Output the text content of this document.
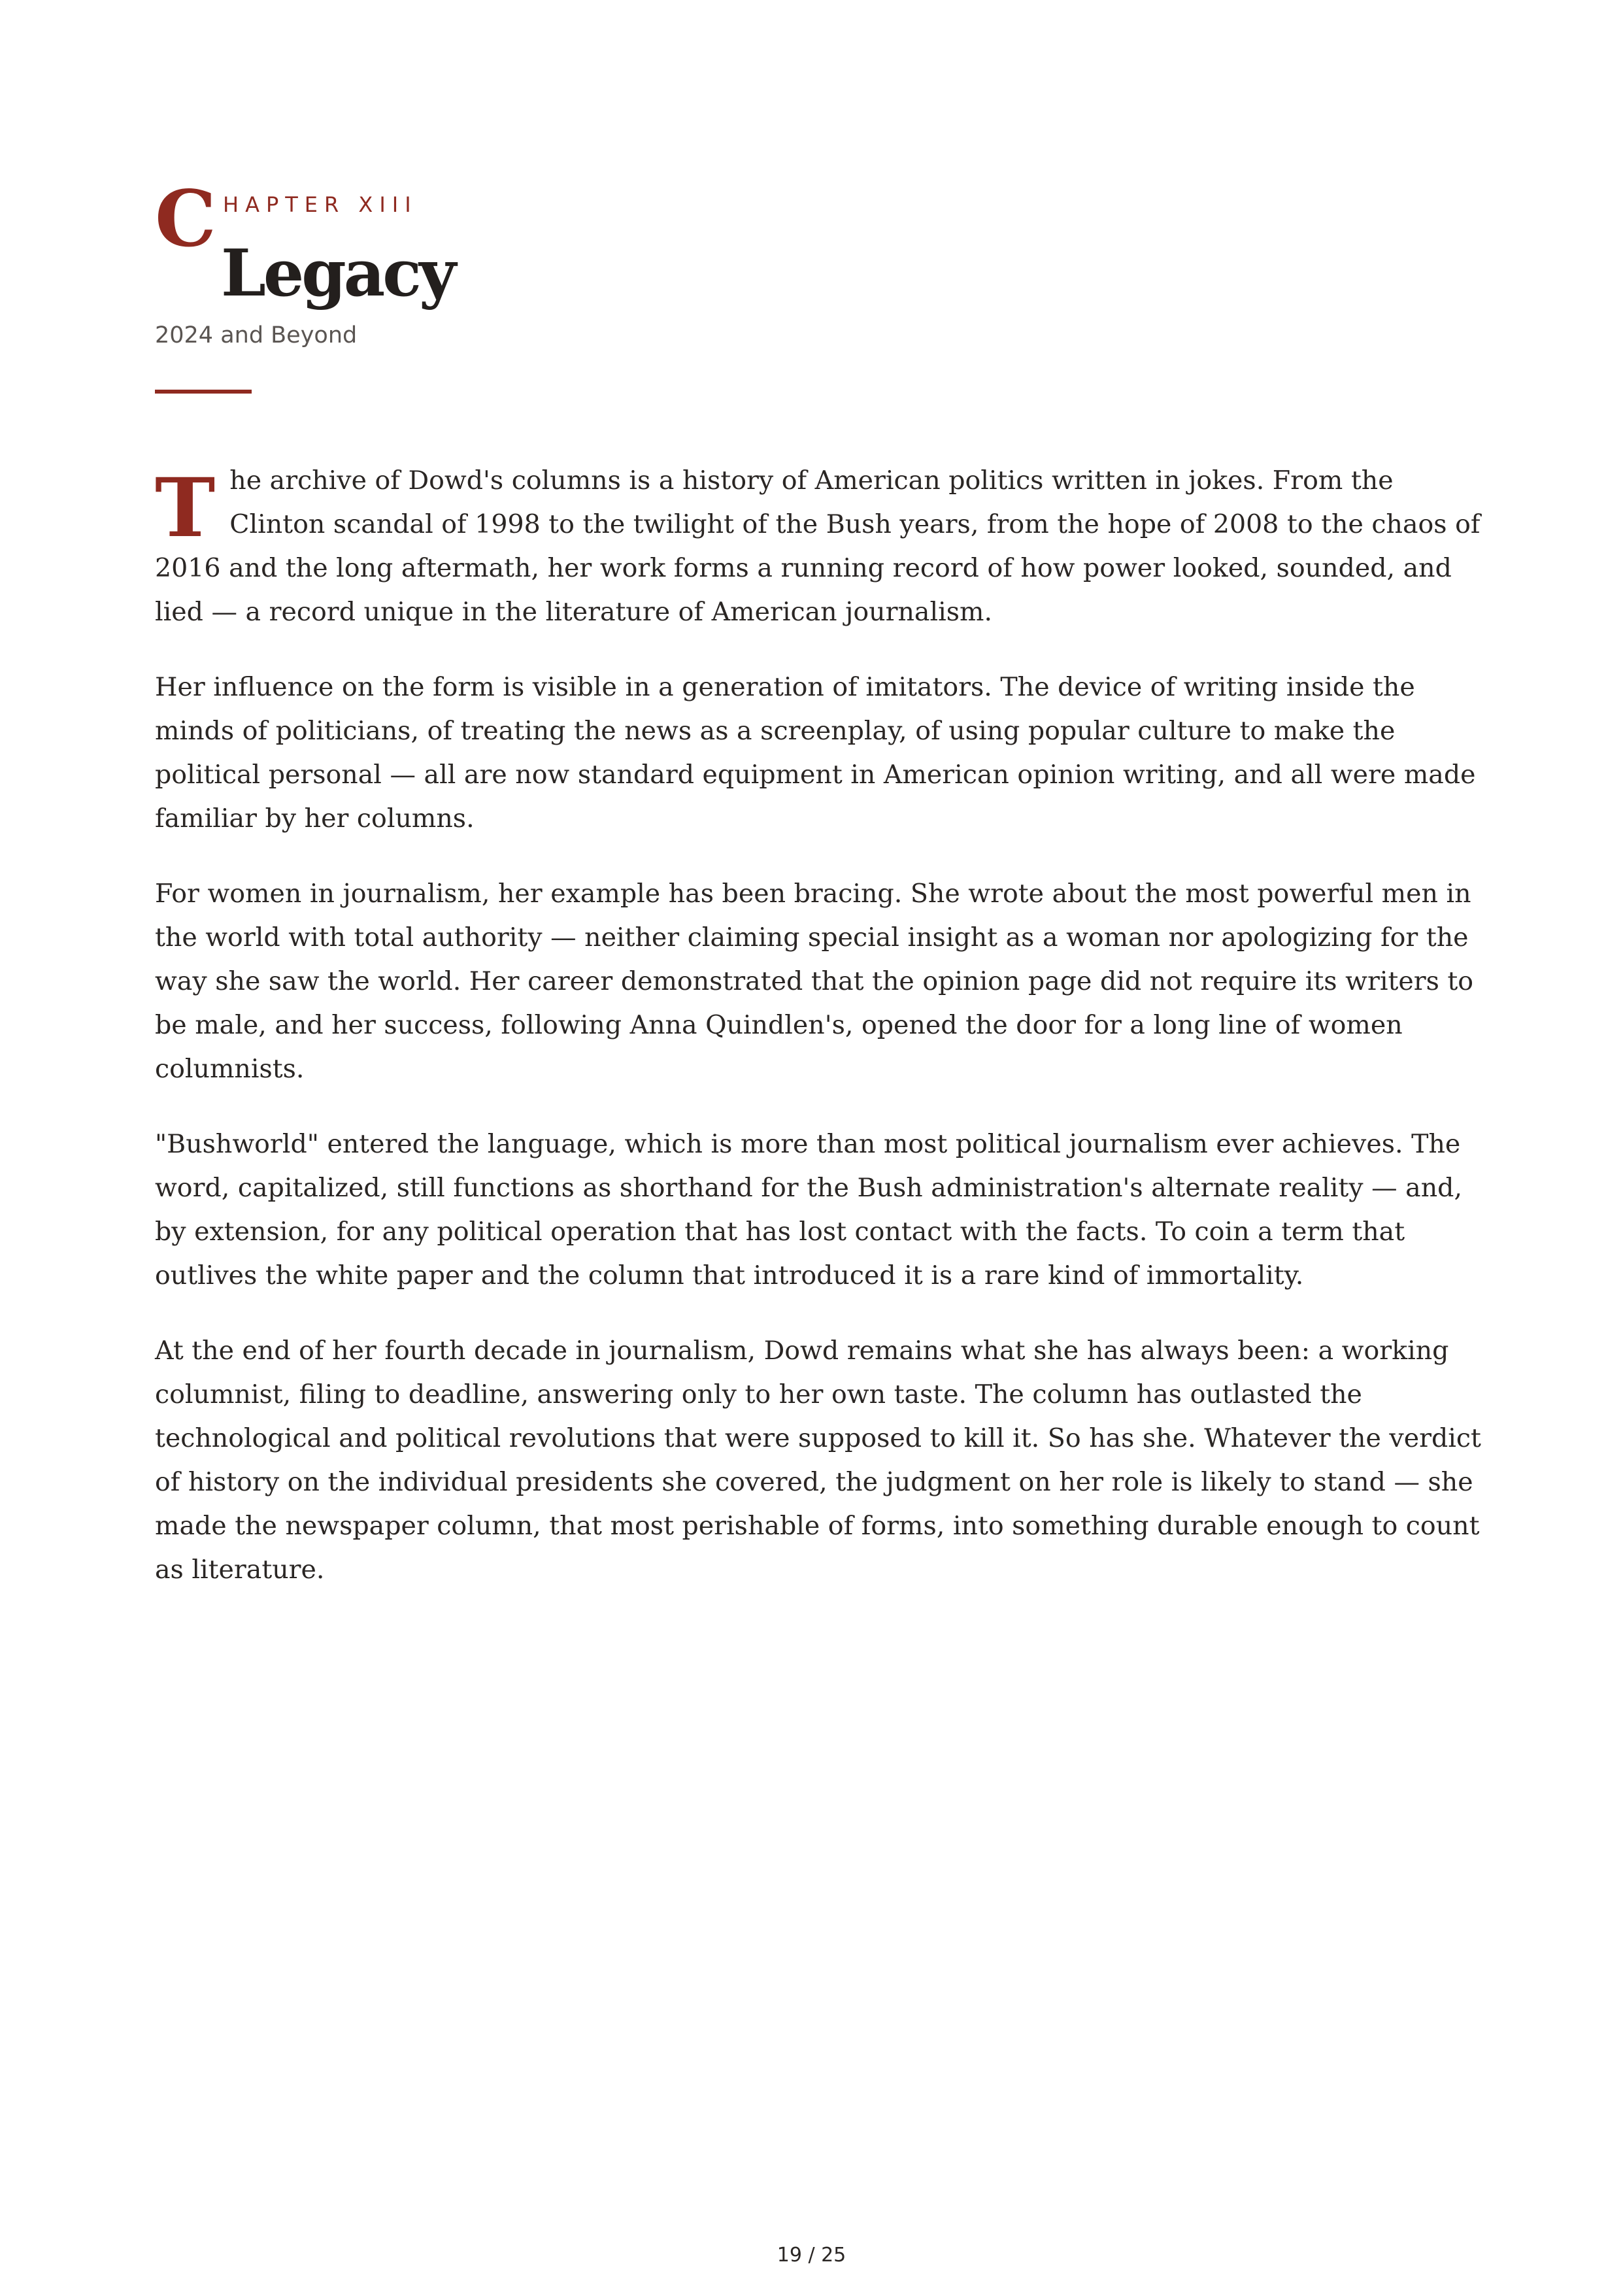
C HAPTER XIII
Legacy
2024 and Beyond

The archive of Dowd's columns is a history of American politics written in jokes. From the Clinton scandal of 1998 to the twilight of the Bush years, from the hope of 2008 to the chaos of 2016 and the long aftermath, her work forms a running record of how power looked, sounded, and lied — a record unique in the literature of American journalism.

Her influence on the form is visible in a generation of imitators. The device of writing inside the minds of politicians, of treating the news as a screenplay, of using popular culture to make the political personal — all are now standard equipment in American opinion writing, and all were made familiar by her columns.

For women in journalism, her example has been bracing. She wrote about the most powerful men in the world with total authority — neither claiming special insight as a woman nor apologizing for the way she saw the world. Her career demonstrated that the opinion page did not require its writers to be male, and her success, following Anna Quindlen's, opened the door for a long line of women columnists.

"Bushworld" entered the language, which is more than most political journalism ever achieves. The word, capitalized, still functions as shorthand for the Bush administration's alternate reality — and, by extension, for any political operation that has lost contact with the facts. To coin a term that outlives the white paper and the column that introduced it is a rare kind of immortality.

At the end of her fourth decade in journalism, Dowd remains what she has always been: a working columnist, filing to deadline, answering only to her own taste. The column has outlasted the technological and political revolutions that were supposed to kill it. So has she. Whatever the verdict of history on the individual presidents she covered, the judgment on her role is likely to stand — she made the newspaper column, that most perishable of forms, into something durable enough to count as literature.

19 / 25
